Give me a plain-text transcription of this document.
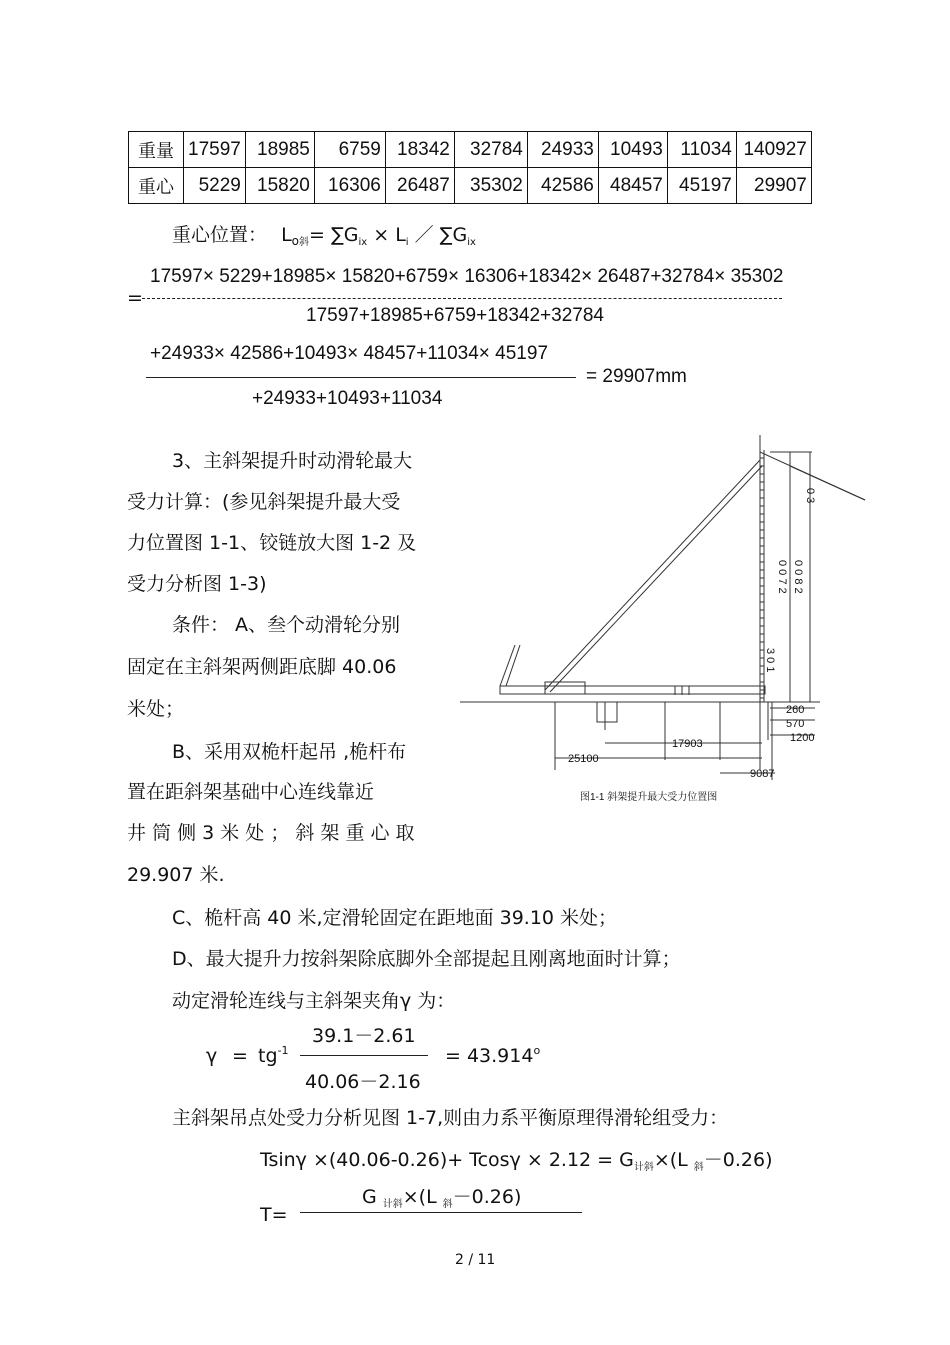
重量	17597	18985	6759	18342	32784	24933	10493	11034	140927
重心	5229	15820	16306	26487	35302	42586	48457	45197	29907
重心位置： $L_{o斜}= \sum G_{ix} \times L_i$ ／ $\sum G_{ix}$
17597× 5229+18985× 15820+6759× 16306+18342× 26487+32784× 35302
=
17597+18985+6759+18342+32784
+24933× 42586+10493× 48457+11034× 45197
= 29907mm
+24933+10493+11034
3、主斜架提升时动滑轮最大
受力计算：(参见斜架提升最大受
力位置图 1-1、铰链放大图 1-2 及
受力分析图 1-3)
条件： A、叁个动滑轮分别
固定在主斜架两侧距底脚 40.06
米处；
B、采用双桅杆起吊 ,桅杆布
置在距斜架基础中心连线靠近
井 筒 侧 3 米 处 ； 斜 架 重 心 取
29.907 米.
17903
25100
9087
260
570
1200
0 0 7 2 0 0 8 2
3 0 1
0 3
图1-1 斜架提升最大受力位置图
C、桅杆高 40 米,定滑轮固定在距地面 39.10 米处；
D、最大提升力按斜架除底脚外全部提起且刚离地面时计算；
动定滑轮连线与主斜架夹角γ 为：
$\gamma = tg^{-1}$
39.1－2.61
40.06－2.16
= $43.914^o$
主斜架吊点处受力分析见图 1-7,则由力系平衡原理得滑轮组受力：
$Tsin\gamma \times(40.06-0.26)+ Tcos\gamma \times 2.12 = G_{计斜}\times(L$ $_斜$－0.26)
G $_{计斜}$×(L $_斜$－0.26)
T=
2 / 11
